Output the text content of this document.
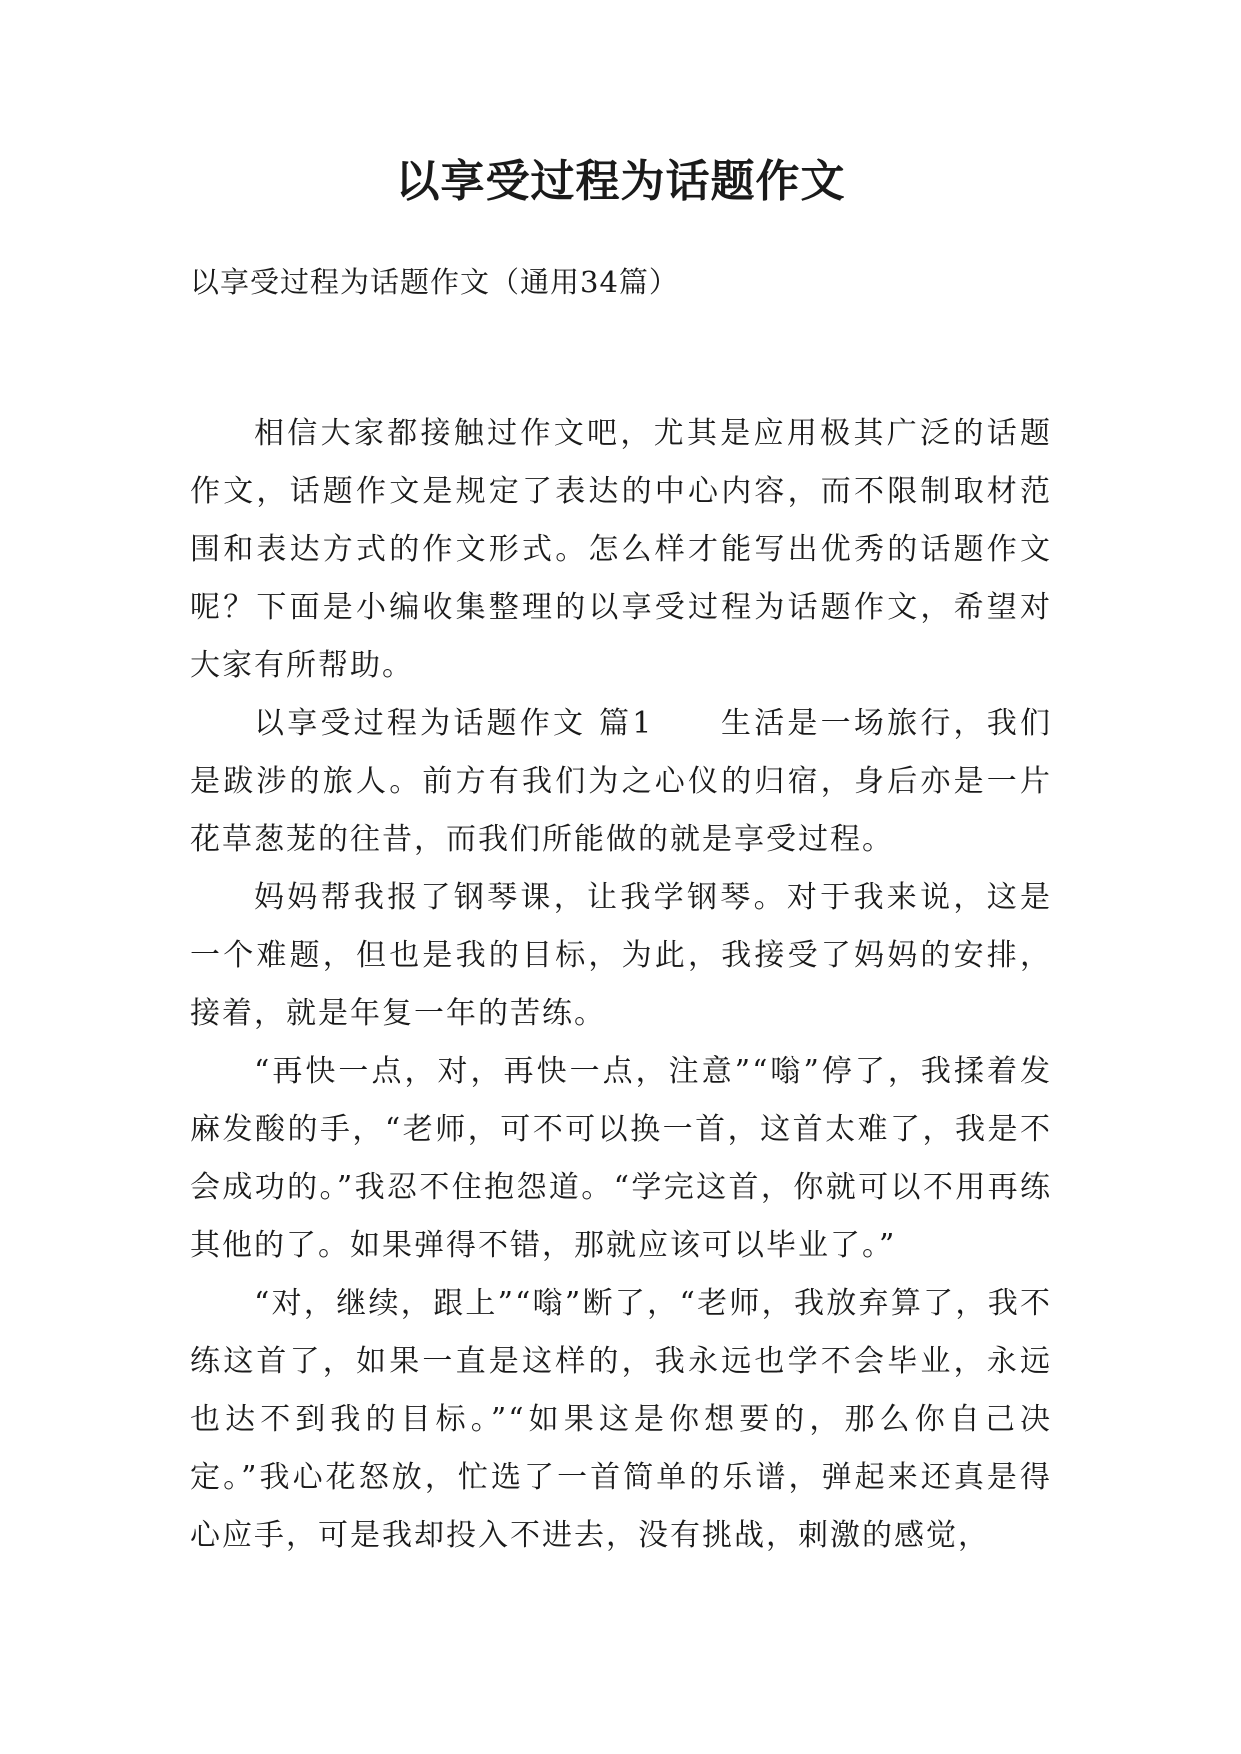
以享受过程为话题作文

以享受过程为话题作文（通用34篇）

相信大家都接触过作文吧，尤其是应用极其广泛的话题作文，话题作文是规定了表达的中心内容，而不限制取材范围和表达方式的作文形式。怎么样才能写出优秀的话题作文呢？下面是小编收集整理的以享受过程为话题作文，希望对大家有所帮助。

以享受过程为话题作文 篇1　　生活是一场旅行，我们是跋涉的旅人。前方有我们为之心仪的归宿，身后亦是一片花草葱茏的往昔，而我们所能做的就是享受过程。

妈妈帮我报了钢琴课，让我学钢琴。对于我来说，这是一个难题，但也是我的目标，为此，我接受了妈妈的安排，接着，就是年复一年的苦练。

“再快一点，对，再快一点，注意”“嗡”停了，我揉着发麻发酸的手，“老师，可不可以换一首，这首太难了，我是不会成功的。”我忍不住抱怨道。“学完这首，你就可以不用再练其他的了。如果弹得不错，那就应该可以毕业了。”

“对，继续，跟上”“嗡”断了，“老师，我放弃算了，我不练这首了，如果一直是这样的，我永远也学不会毕业，永远也达不到我的目标。”“如果这是你想要的，那么你自己决定。”我心花怒放，忙选了一首简单的乐谱，弹起来还真是得心应手，可是我却投入不进去，没有挑战，刺激的感觉，
